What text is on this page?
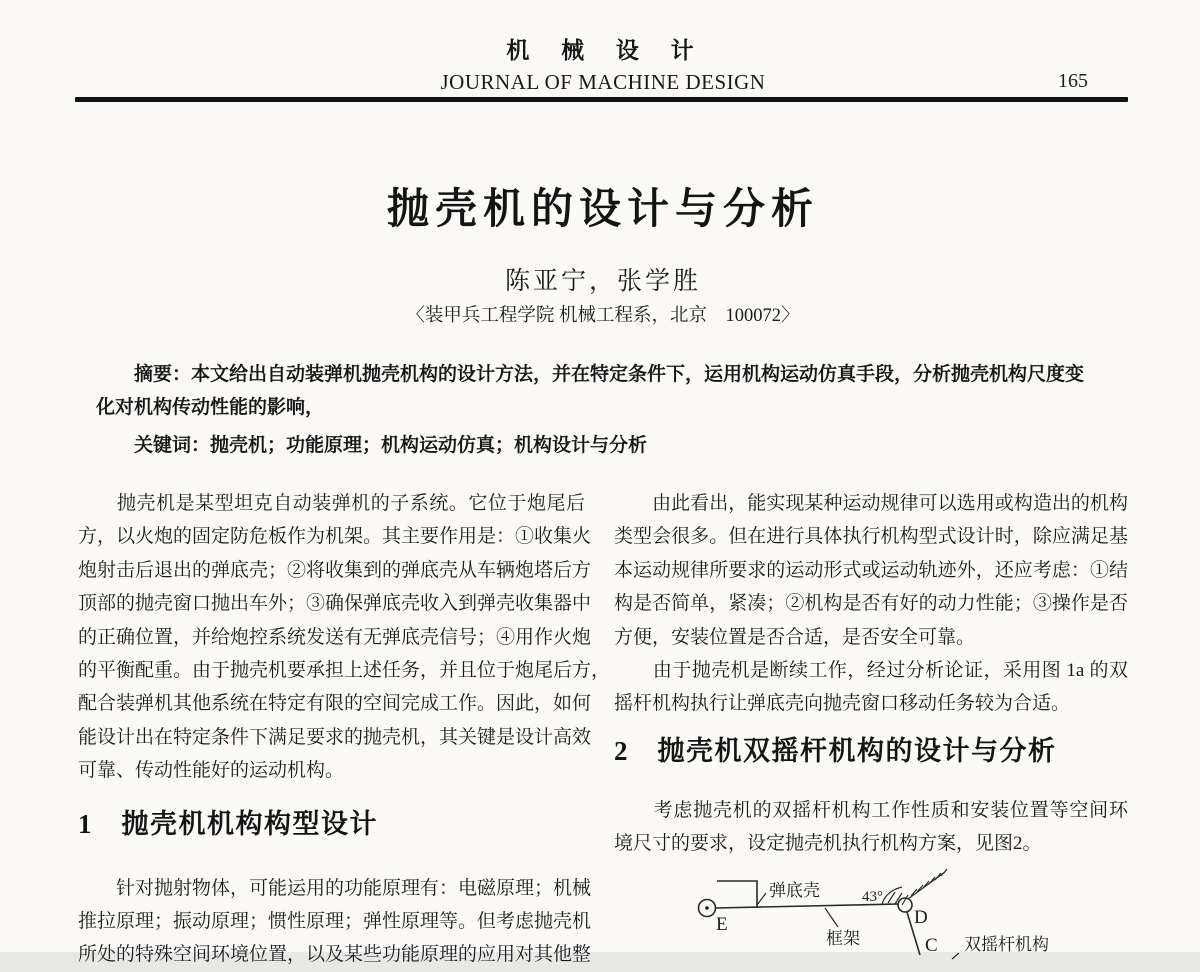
机 械 设 计
JOURNAL OF MACHINE DESIGN	165
抛壳机的设计与分析
陈亚宁，张学胜
〈装甲兵工程学院 机械工程系，北京　100072〉
摘要：本文给出自动装弹机抛壳机构的设计方法，并在特定条件下，运用机构运动仿真手段，分析抛壳机构尺度变
化对机构传动性能的影响，
关键词：抛壳机；功能原理；机构运动仿真；机构设计与分析
　　抛壳机是某型坦克自动装弹机的子系统。它位于炮尾后
方，以火炮的固定防危板作为机架。其主要作用是：①收集火
炮射击后退出的弹底壳；②将收集到的弹底壳从车辆炮塔后方
顶部的抛壳窗口抛出车外；③确保弹底壳收入到弹壳收集器中
的正确位置，并给炮控系统发送有无弹底壳信号；④用作火炮
的平衡配重。由于抛壳机要承担上述任务，并且位于炮尾后方，
配合装弹机其他系统在特定有限的空间完成工作。因此，如何
能设计出在特定条件下满足要求的抛壳机，其关键是设计高效
可靠、传动性能好的运动机构。
1　抛壳机机构构型设计
　　针对抛射物体，可能运用的功能原理有：电磁原理；机械
推拉原理；振动原理；惯性原理；弹性原理等。但考虑抛壳机
所处的特殊空间环境位置，以及某些功能原理的应用对其他整
　　由此看出，能实现某种运动规律可以选用或构造出的机构
类型会很多。但在进行具体执行机构型式设计时，除应满足基
本运动规律所要求的运动形式或运动轨迹外，还应考虑：①结
构是否简单，紧凑；②机构是否有好的动力性能；③操作是否
方便，安装位置是否合适，是否安全可靠。
　　由于抛壳机是断续工作，经过分析论证，采用图 1a 的双
摇杆机构执行让弹底壳向抛壳窗口移动任务较为合适。
2　抛壳机双摇杆机构的设计与分析
　　考虑抛壳机的双摇杆机构工作性质和安装位置等空间环
境尺寸的要求，设定抛壳机执行机构方案，见图2。
弹底壳
E
43°
D
框架	C 双摇杆机构
